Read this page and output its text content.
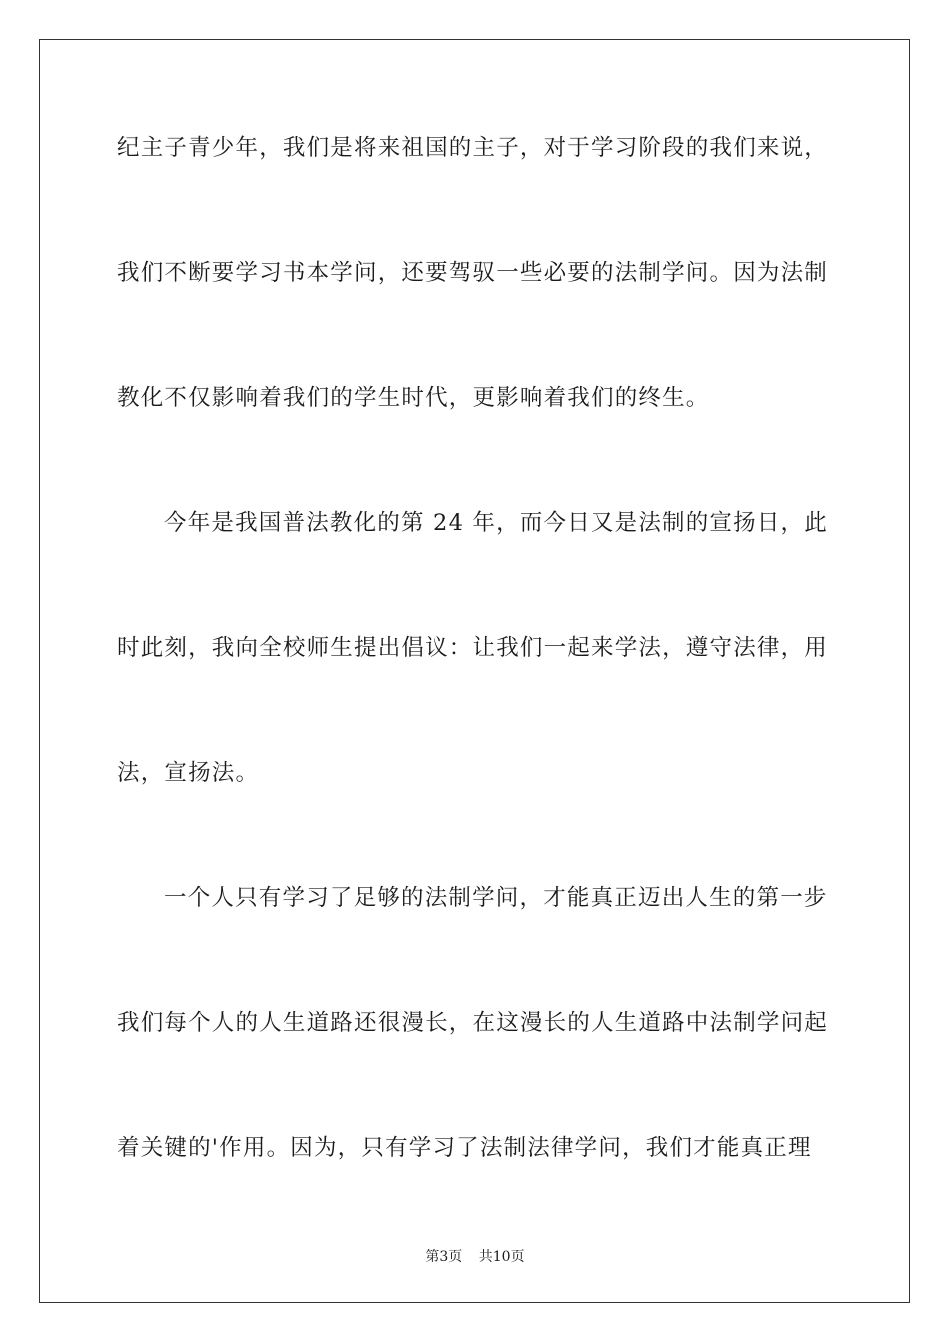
纪主子青少年，我们是将来祖国的主子，对于学习阶段的我们来说，
我们不断要学习书本学问，还要驾驭一些必要的法制学问。因为法制
教化不仅影响着我们的学生时代，更影响着我们的终生。
今年是我国普法教化的第 24 年，而今日又是法制的宣扬日，此
时此刻，我向全校师生提出倡议：让我们一起来学法，遵守法律，用
法，宣扬法。
一个人只有学习了足够的法制学问，才能真正迈出人生的第一步
我们每个人的人生道路还很漫长，在这漫长的人生道路中法制学问起
着关键的'作用。因为，只有学习了法制法律学问，我们才能真正理
第3页 共10页
